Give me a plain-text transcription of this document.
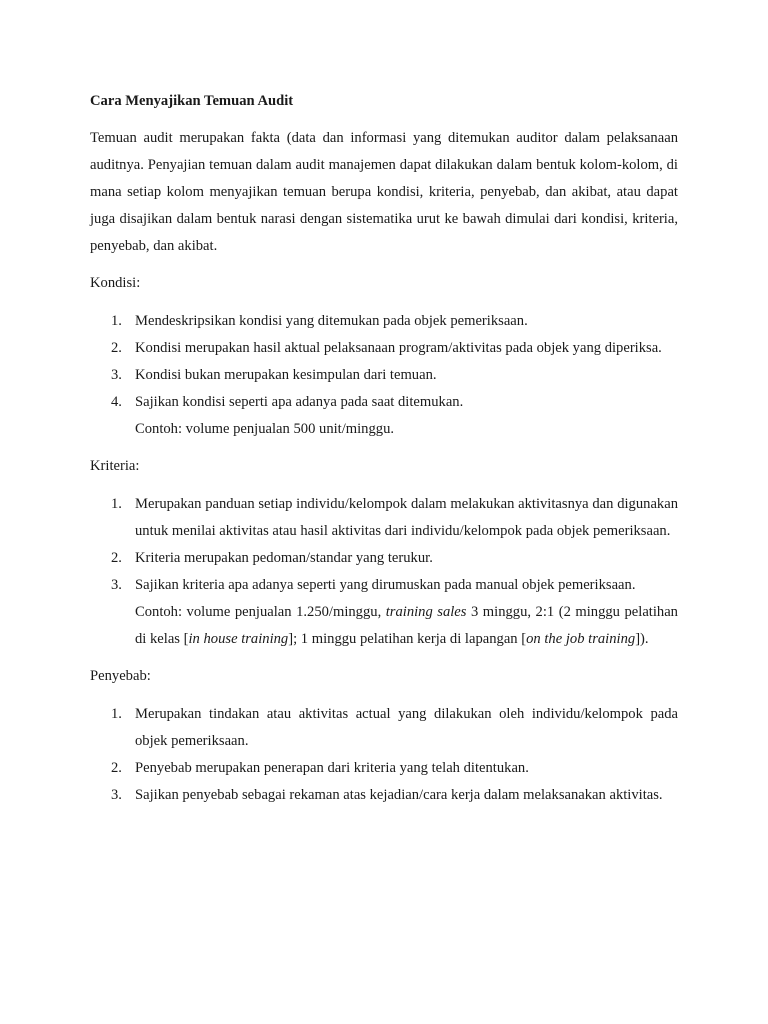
Cara Menyajikan Temuan Audit

Temuan audit merupakan fakta (data dan informasi yang ditemukan auditor dalam pelaksanaan auditnya. Penyajian temuan dalam audit manajemen dapat dilakukan dalam bentuk kolom-kolom, di mana setiap kolom menyajikan temuan berupa kondisi, kriteria, penyebab, dan akibat, atau dapat juga disajikan dalam bentuk narasi dengan sistematika urut ke bawah dimulai dari kondisi, kriteria, penyebab, dan akibat.

Kondisi:
1. Mendeskripsikan kondisi yang ditemukan pada objek pemeriksaan.
2. Kondisi merupakan hasil aktual pelaksanaan program/aktivitas pada objek yang diperiksa.
3. Kondisi bukan merupakan kesimpulan dari temuan.
4. Sajikan kondisi seperti apa adanya pada saat ditemukan.
Contoh: volume penjualan 500 unit/minggu.
Kriteria:
1. Merupakan panduan setiap individu/kelompok dalam melakukan aktivitasnya dan digunakan untuk menilai aktivitas atau hasil aktivitas dari individu/kelompok pada objek pemeriksaan.
2. Kriteria merupakan pedoman/standar yang terukur.
3. Sajikan kriteria apa adanya seperti yang dirumuskan pada manual objek pemeriksaan.
Contoh: volume penjualan 1.250/minggu, training sales 3 minggu, 2:1 (2 minggu pelatihan di kelas [in house training]; 1 minggu pelatihan kerja di lapangan [on the job training]).
Penyebab:
1. Merupakan tindakan atau aktivitas actual yang dilakukan oleh individu/kelompok pada objek pemeriksaan.
2. Penyebab merupakan penerapan dari kriteria yang telah ditentukan.
3. Sajikan penyebab sebagai rekaman atas kejadian/cara kerja dalam melaksanakan aktivitas.
